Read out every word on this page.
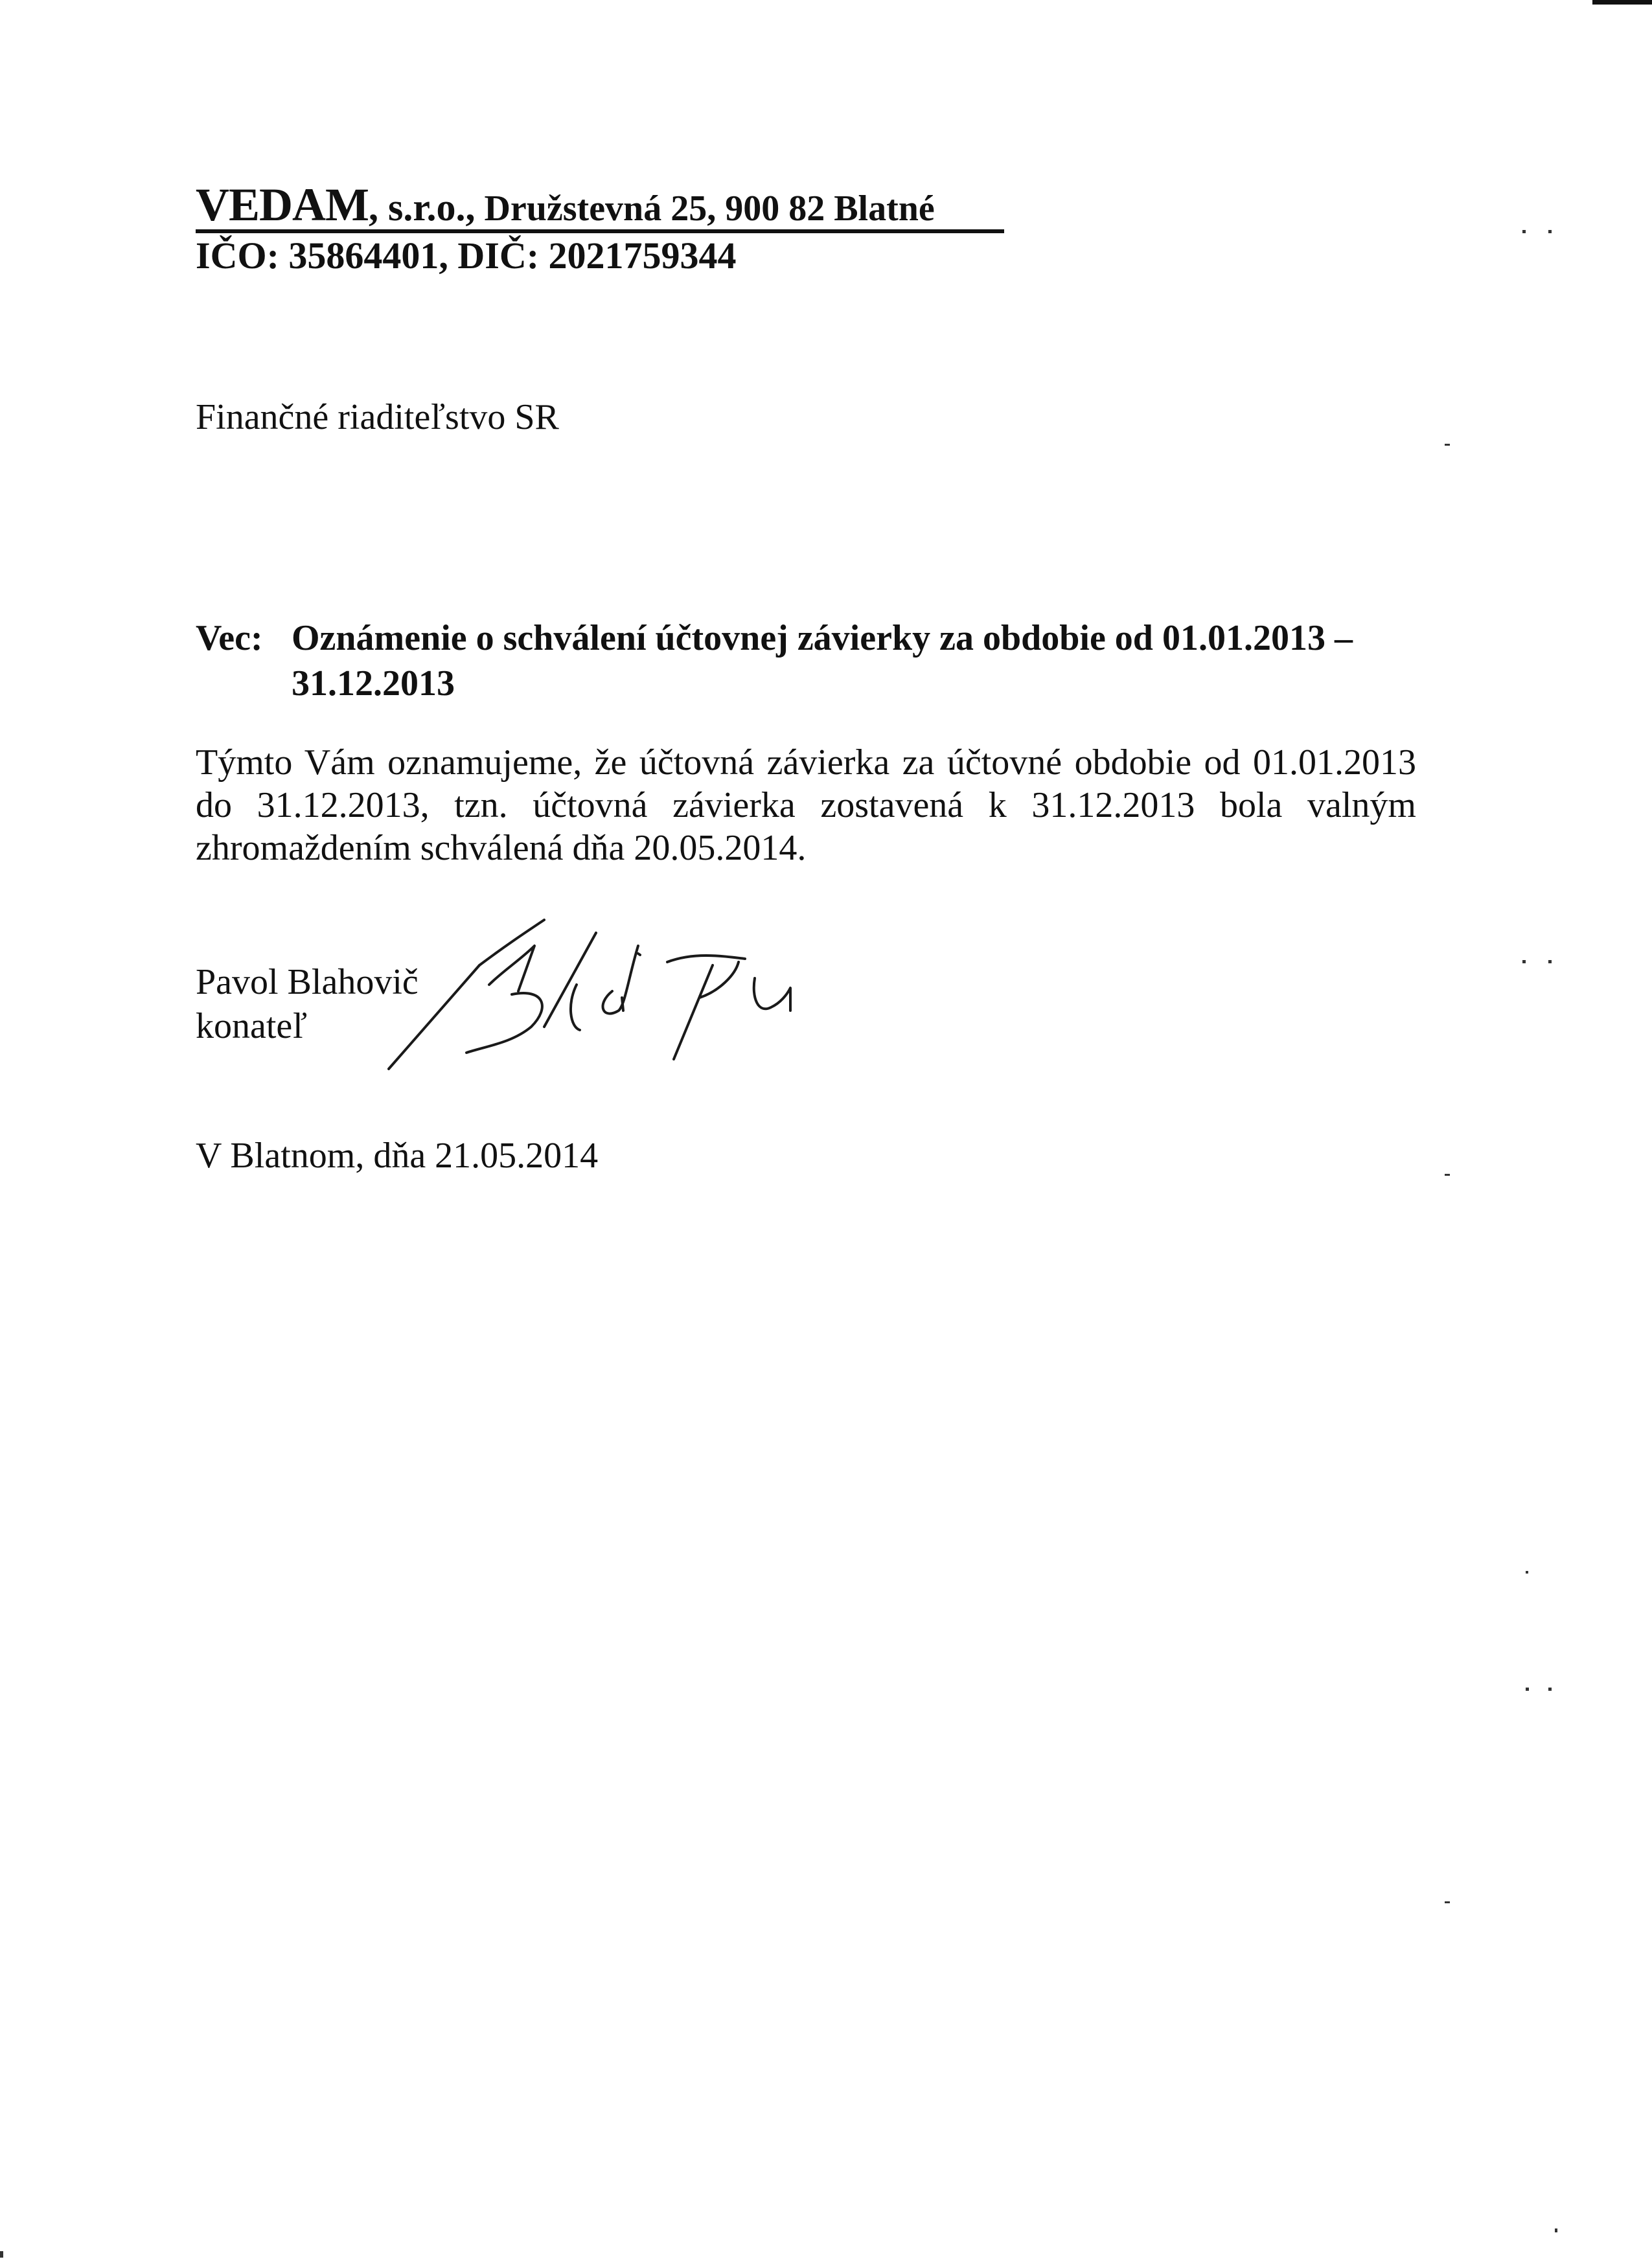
VEDAM, s.r.o., Družstevná 25, 900 82 Blatné
IČO: 35864401, DIČ: 2021759344
Finančné riaditeľstvo SR
Vec: Oznámenie o schválení účtovnej závierky za obdobie od 01.01.2013 – 31.12.2013
Týmto Vám oznamujeme, že účtovná závierka za účtovné obdobie od 01.01.2013 do 31.12.2013, tzn. účtovná závierka zostavená k 31.12.2013 bola valným zhromaždením schválená dňa 20.05.2014.
Pavol Blahovič
konateľ
V Blatnom, dňa 21.05.2014
